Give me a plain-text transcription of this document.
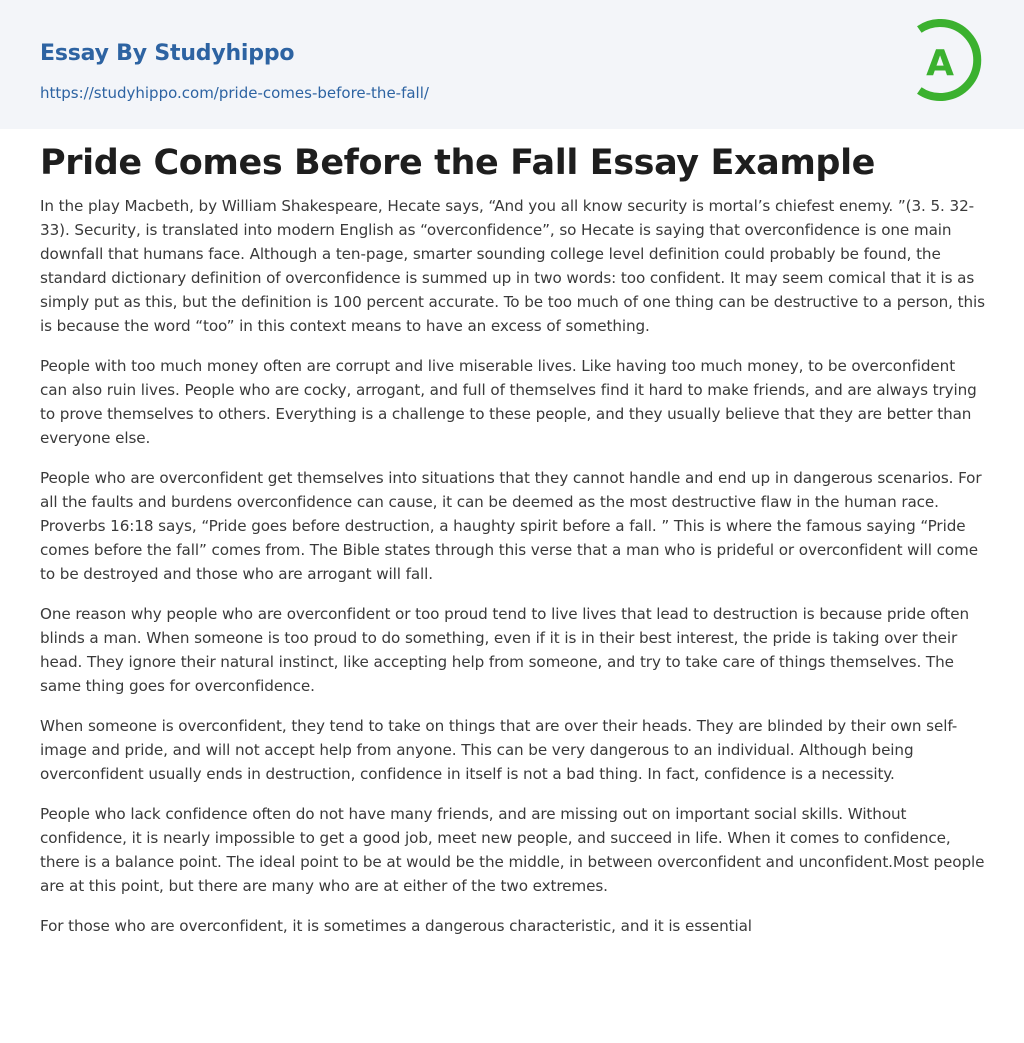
Essay By Studyhippo
https://studyhippo.com/pride-comes-before-the-fall/
A
Pride Comes Before the Fall Essay Example

In the play Macbeth, by William Shakespeare, Hecate says, “And you all know security is mortal’s chiefest enemy. ”(3. 5. 32-33). Security, is translated into modern English as “overconfidence”, so Hecate is saying that overconfidence is one main downfall that humans face. Although a ten-page, smarter sounding college level definition could probably be found, the standard dictionary definition of overconfidence is summed up in two words: too confident. It may seem comical that it is as simply put as this, but the definition is 100 percent accurate. To be too much of one thing can be destructive to a person, this is because the word “too” in this context means to have an excess of something.

People with too much money often are corrupt and live miserable lives. Like having too much money, to be overconfident can also ruin lives. People who are cocky, arrogant, and full of themselves find it hard to make friends, and are always trying to prove themselves to others. Everything is a challenge to these people, and they usually believe that they are better than everyone else.

People who are overconfident get themselves into situations that they cannot handle and end up in dangerous scenarios. For all the faults and burdens overconfidence can cause, it can be deemed as the most destructive flaw in the human race. Proverbs 16:18 says, “Pride goes before destruction, a haughty spirit before a fall. ” This is where the famous saying “Pride comes before the fall” comes from. The Bible states through this verse that a man who is prideful or overconfident will come to be destroyed and those who are arrogant will fall.

One reason why people who are overconfident or too proud tend to live lives that lead to destruction is because pride often blinds a man. When someone is too proud to do something, even if it is in their best interest, the pride is taking over their head. They ignore their natural instinct, like accepting help from someone, and try to take care of things themselves. The same thing goes for overconfidence.

When someone is overconfident, they tend to take on things that are over their heads. They are blinded by their own self-image and pride, and will not accept help from anyone. This can be very dangerous to an individual. Although being overconfident usually ends in destruction, confidence in itself is not a bad thing. In fact, confidence is a necessity.

People who lack confidence often do not have many friends, and are missing out on important social skills. Without confidence, it is nearly impossible to get a good job, meet new people, and succeed in life. When it comes to confidence, there is a balance point. The ideal point to be at would be the middle, in between overconfident and unconfident.Most people are at this point, but there are many who are at either of the two extremes.

For those who are overconfident, it is sometimes a dangerous characteristic, and it is essential
